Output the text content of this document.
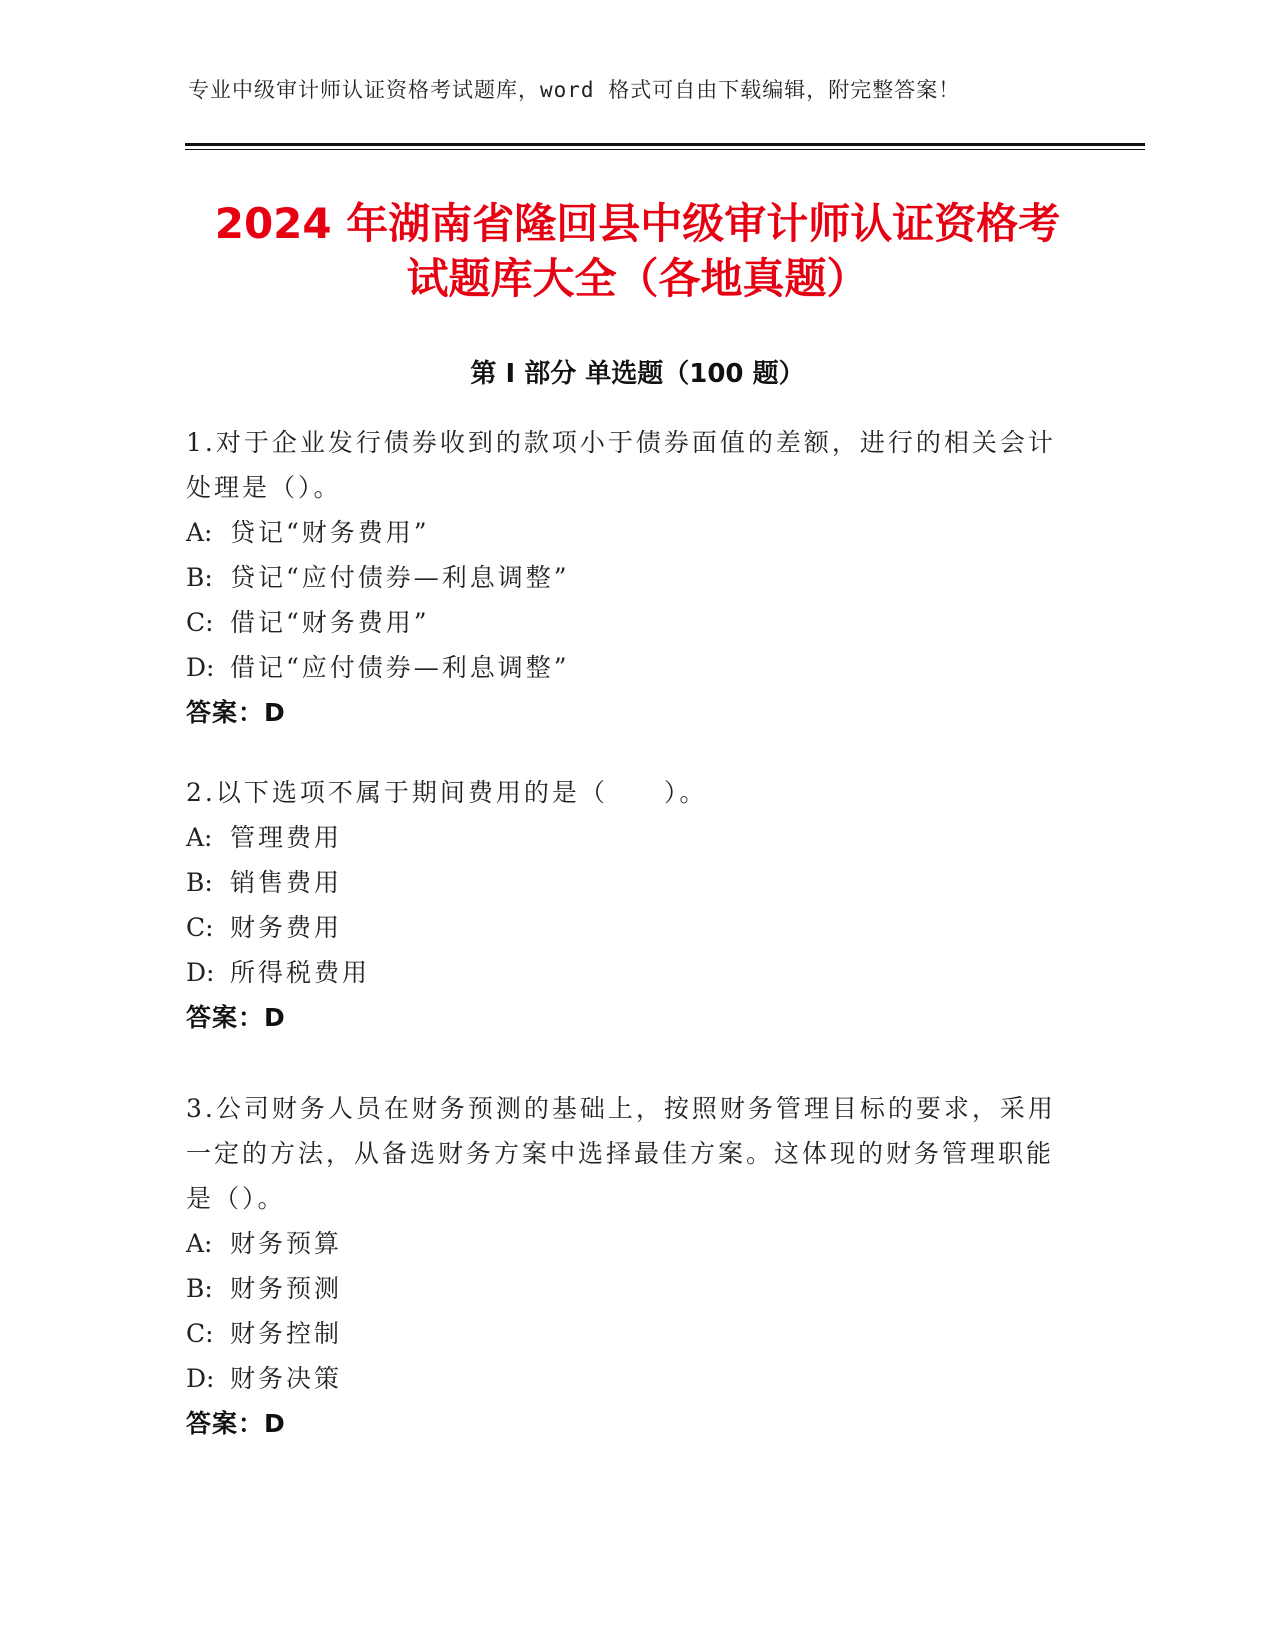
专业中级审计师认证资格考试题库，word 格式可自由下载编辑，附完整答案！
2024 年湖南省隆回县中级审计师认证资格考
试题库大全（各地真题）
第 I 部分 单选题（100 题）

1.对于企业发行债券收到的款项小于债券面值的差额，进行的相关会计处理是（）。

A: 贷记“财务费用”

B: 贷记“应付债券—利息调整”

C: 借记“财务费用”

D: 借记“应付债券—利息调整”

答案：D

2.以下选项不属于期间费用的是（　　）。

A: 管理费用

B: 销售费用

C: 财务费用

D: 所得税费用

答案：D

3.公司财务人员在财务预测的基础上，按照财务管理目标的要求，采用一定的方法，从备选财务方案中选择最佳方案。这体现的财务管理职能是（）。

A: 财务预算

B: 财务预测

C: 财务控制

D: 财务决策

答案：D
